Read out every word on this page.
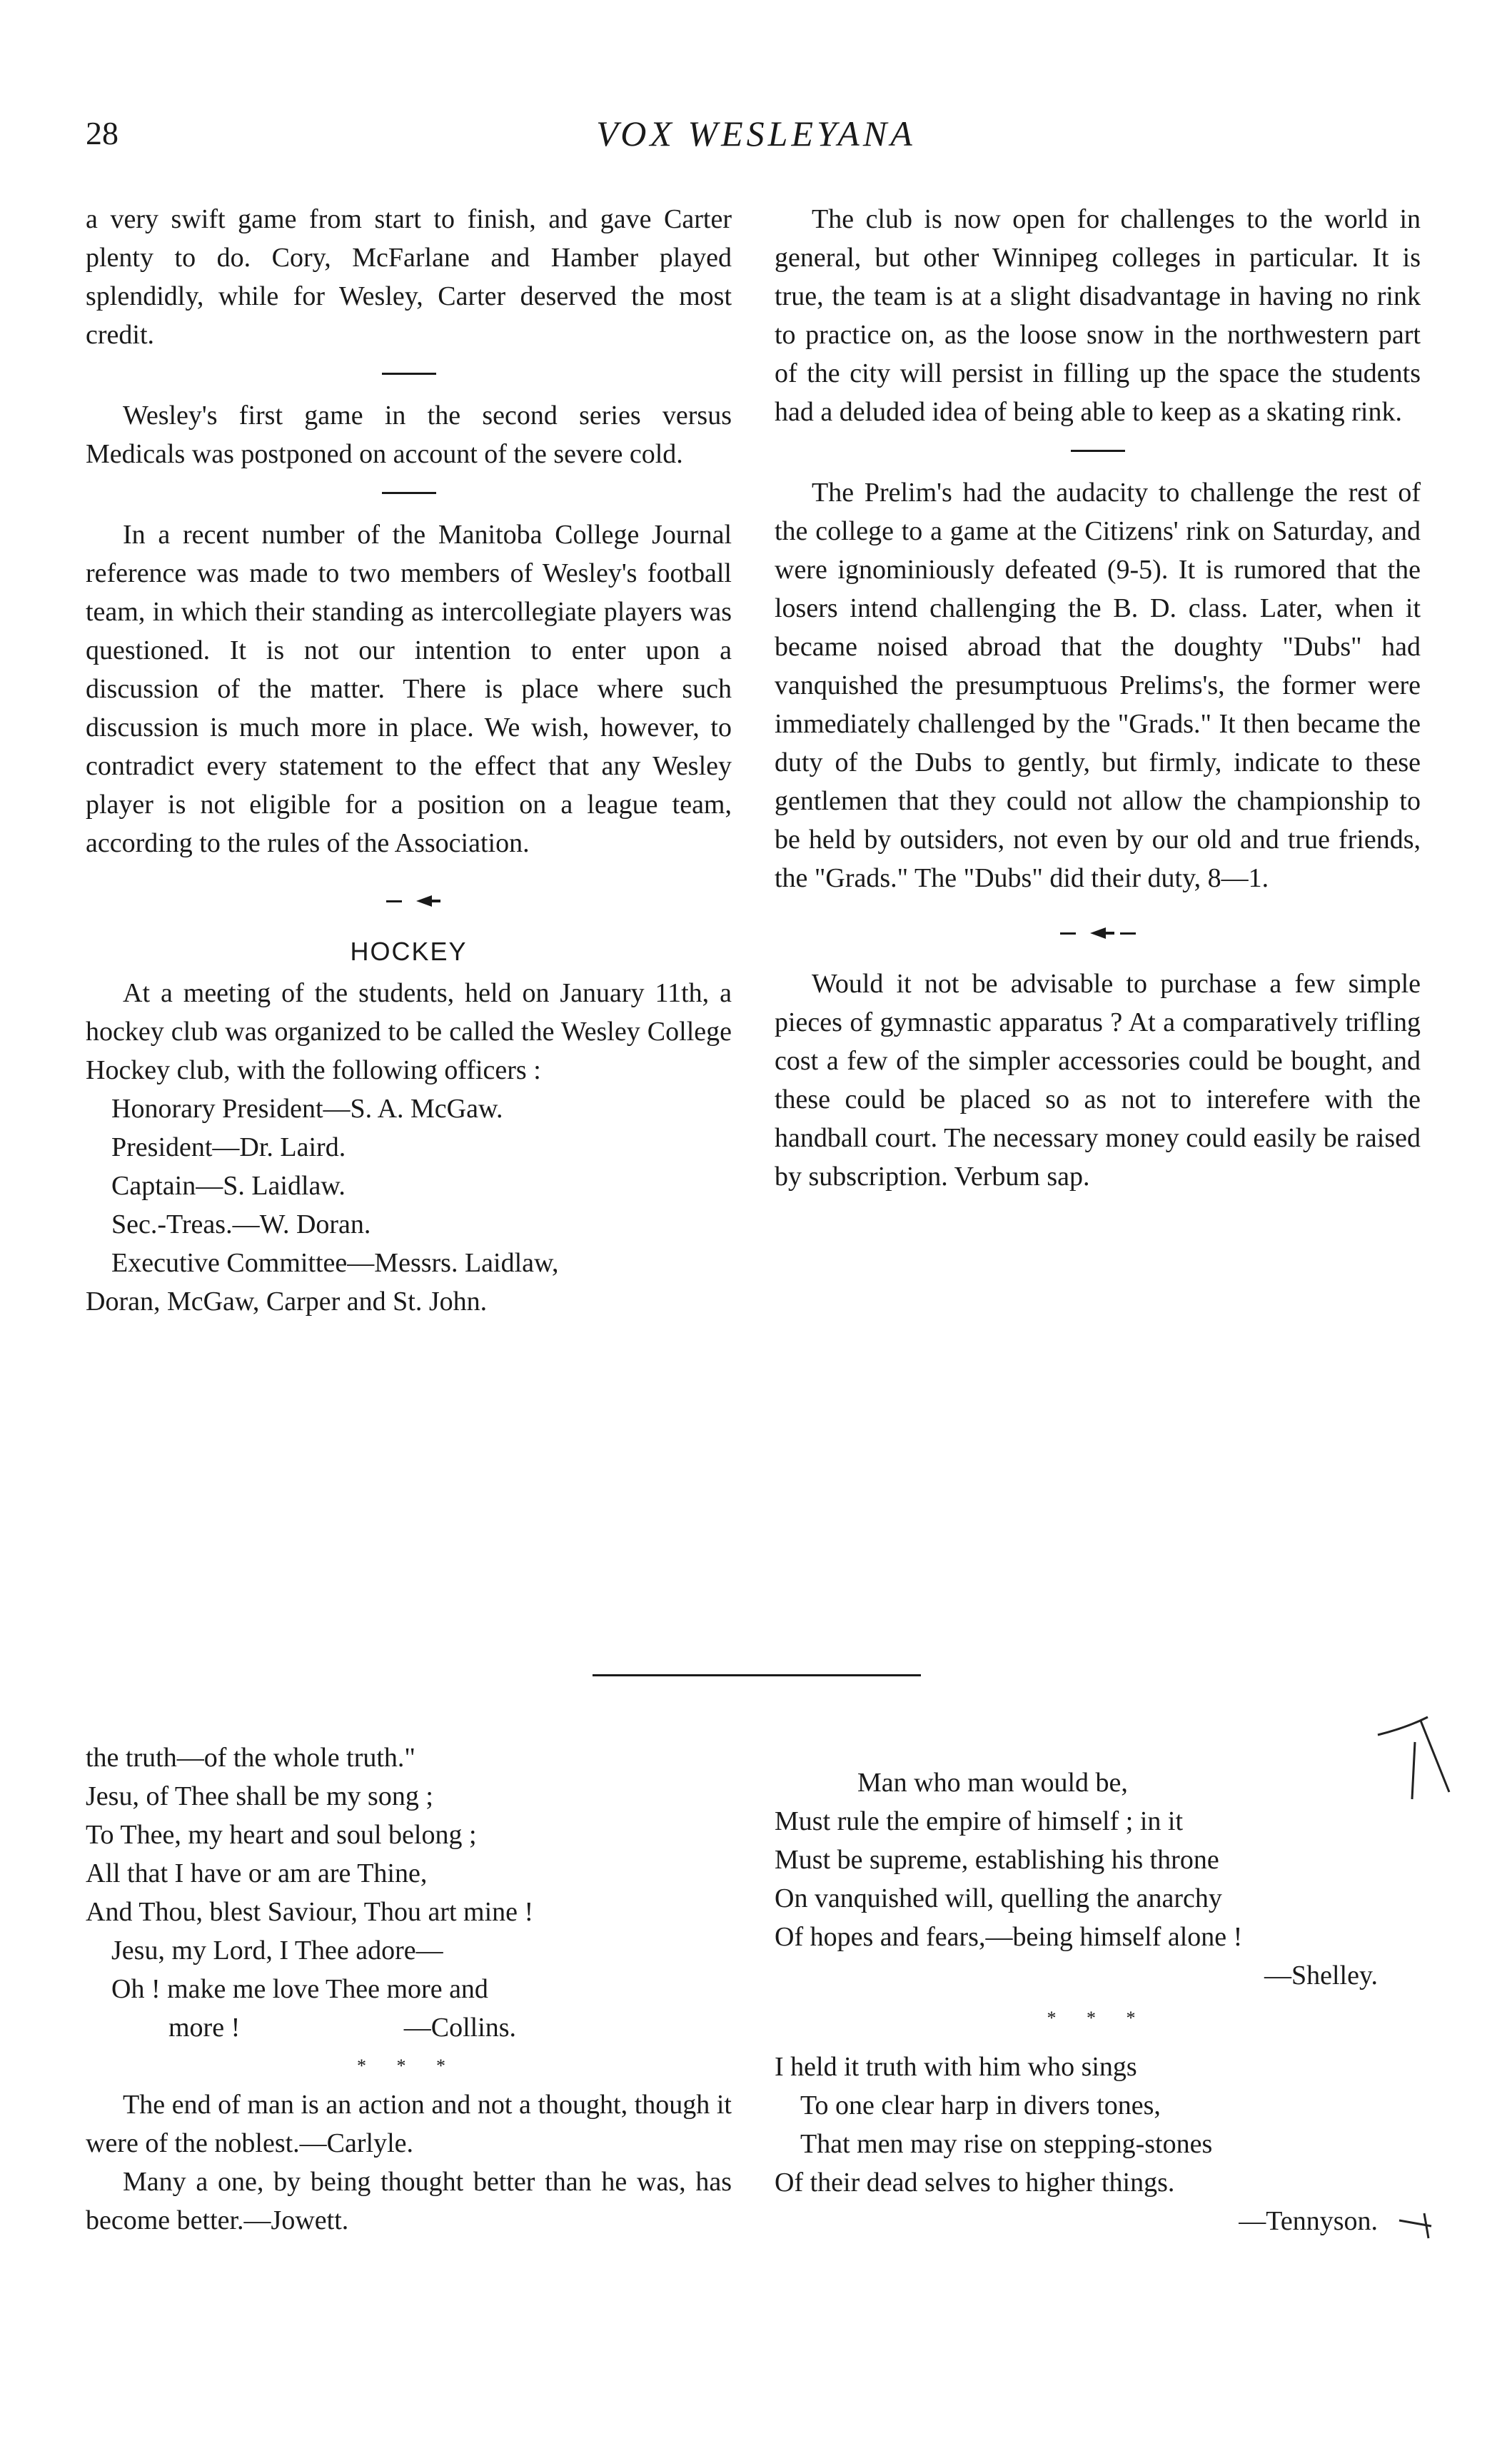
28	VOX WESLEYANA

a very swift game from start to finish, and gave Carter plenty to do. Cory, McFarlane and Hamber played splendidly, while for Wesley, Carter deserved the most credit.

Wesley's first game in the second series versus Medicals was postponed on account of the severe cold.

In a recent number of the Manitoba College Journal reference was made to two members of Wesley's football team, in which their standing as intercollegiate players was questioned. It is not our intention to enter upon a discussion of the matter. There is place where such discussion is much more in place. We wish, however, to contradict every statement to the effect that any Wesley player is not eligible for a position on a league team, according to the rules of the Association.

HOCKEY

At a meeting of the students, held on January 11th, a hockey club was organized to be called the Wesley College Hockey club, with the following officers :

Honorary President—S. A. McGaw.
President—Dr. Laird.
Captain—S. Laidlaw.
Sec.-Treas.—W. Doran.
Executive Committee—Messrs. Laidlaw,
Doran, McGaw, Carper and St. John.

The club is now open for challenges to the world in general, but other Winnipeg colleges in particular. It is true, the team is at a slight disadvantage in having no rink to practice on, as the loose snow in the northwestern part of the city will persist in filling up the space the students had a deluded idea of being able to keep as a skating rink.

The Prelim's had the audacity to challenge the rest of the college to a game at the Citizens' rink on Saturday, and were ignominiously defeated (9-5). It is rumored that the losers intend challenging the B. D. class. Later, when it became noised abroad that the doughty "Dubs" had vanquished the presumptuous Prelims's, the former were immediately challenged by the "Grads." It then became the duty of the Dubs to gently, but firmly, indicate to these gentlemen that they could not allow the championship to be held by outsiders, not even by our old and true friends, the "Grads." The "Dubs" did their duty, 8—1.

Would it not be advisable to purchase a few simple pieces of gymnastic apparatus ? At a comparatively trifling cost a few of the simpler accessories could be bought, and these could be placed so as not to interefere with the handball court. The necessary money could easily be raised by subscription. Verbum sap.

the truth—of the whole truth."
Jesu, of Thee shall be my song ;
To Thee, my heart and soul belong ;
All that I have or am are Thine,
And Thou, blest Saviour, Thou art mine !
Jesu, my Lord, I Thee adore—
Oh ! make me love Thee more and
more !	—Collins.
* * *

The end of man is an action and not a thought, though it were of the noblest.—Carlyle.

Many a one, by being thought better than he was, has become better.—Jowett.

Man who man would be,
Must rule the empire of himself ; in it
Must be supreme, establishing his throne
On vanquished will, quelling the anarchy
Of hopes and fears,—being himself alone !
—Shelley.
* * *
I held it truth with him who sings
To one clear harp in divers tones,
That men may rise on stepping-stones
Of their dead selves to higher things.
—Tennyson.
